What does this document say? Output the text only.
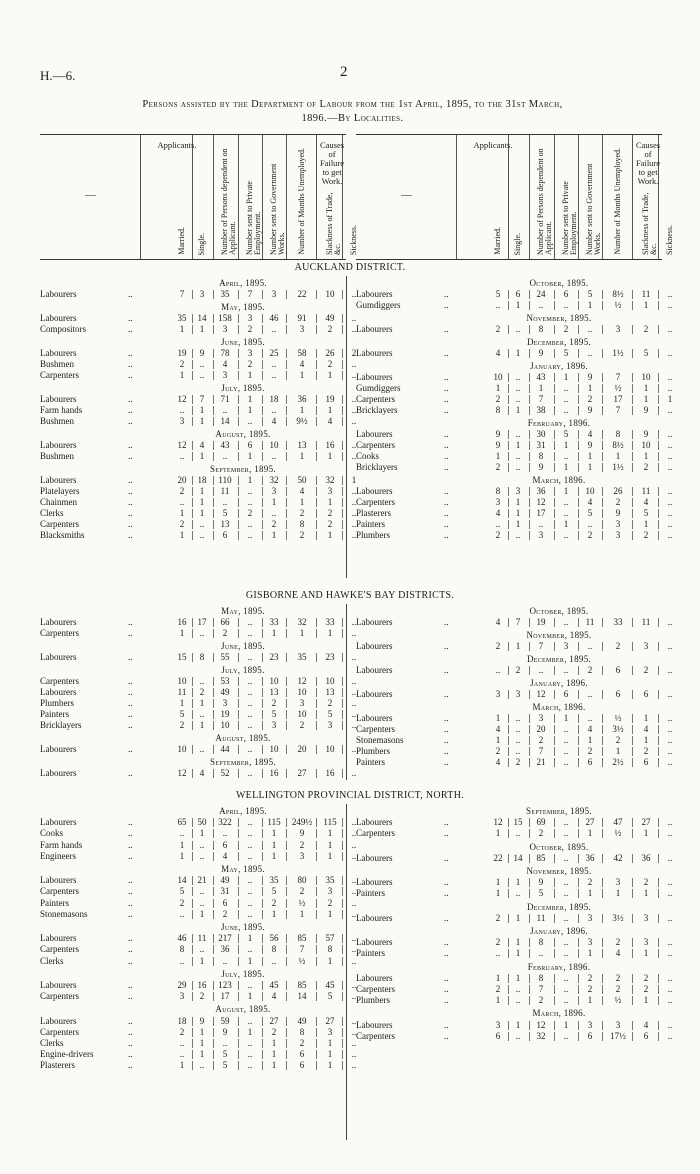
H.—6.	2
Persons assisted by the Department of Labour from the 1st April, 1895, to the 31st March,
1896.—By Localities.
—
Applicants.	Causes of Failure to get Work.
Married. Single. Number of Persons dependent on Applicant. Number sent to Private Employment. Number sent to Government Works. Number of Months Unemployed. Slackness of Trade, &c. Sickness.
—
Applicants.	Causes of Failure to get Work.
Married. Single. Number of Persons dependent on Applicant. Number sent to Private Employment. Number sent to Government Works. Number of Months Unemployed. Slackness of Trade, &c. Sickness.
AUCKLAND DISTRICT.
April, 1895.
Labourers	..	7	3	35	7	3	22	10	..
May, 1895.
Labourers	..	35	14	158	3	46	91	49	..
Compositors	..	1	1	3	2	..	3	2	..
June, 1895.
Labourers	..	19	9	78	3	25	58	26	2
Bushmen	..	2	..	4	2	..	4	2	..
Carpenters	..	1	..	3	1	..	1	1	..
July, 1895.
Labourers	..	12	7	71	1	18	36	19	..
Farm hands	..	..	1	..	1	..	1	1	..
Bushmen	..	3	1	14	..	4	9½	4	..
August, 1895.
Labourers	..	12	4	43	6	10	13	16	..
Bushmen	..	..	1	..	1	..	1	1	..
September, 1895.
Labourers	..	20	18	110	1	32	50	32	1
Platelayers	..	2	1	11	..	3	4	3	..
Chainmen	..	..	1	..	..	1	1	1	..
Clerks	..	1	1	5	2	..	2	2	..
Carpenters	..	2	..	13	..	2	8	2	..
Blacksmiths	..	1	..	6	..	1	2	1	..
October, 1895.
Labourers	..	5	6	24	6	5	8½	11	..
Gumdiggers	..	..	1	..	..	1	½	1	..
November, 1895.
Labourers	..	2	..	8	2	..	3	2	..
December, 1895.
Labourers	..	4	1	9	5	..	1½	5	..
January, 1896.
Labourers	..	10	..	43	1	9	7	10	..
Gumdiggers	..	1	..	1	..	1	½	1	..
Carpenters	..	2	..	7	..	2	17	1	1
Bricklayers	..	8	1	38	..	9	7	9	..
February, 1896.
Labourers	..	9	..	30	5	4	8	9	..
Carpenters	..	9	1	31	1	9	8½	10	..
Cooks	..	1	..	8	..	1	1	1	..
Bricklayers	..	2	..	9	1	1	1½	2	..
March, 1896.
Labourers	..	8	3	36	1	10	26	11	..
Carpenters	..	3	1	12	..	4	2	4	..
Plasterers	..	4	1	17	..	5	9	5	..
Painters	..	..	1	..	1	..	3	1	..
Plumbers	..	2	..	3	..	2	3	2	..
GISBORNE AND HAWKE'S BAY DISTRICTS.
May, 1895.
Labourers	..	16	17	66	..	33	32	33	..
Carpenters	..	1	..	2	..	1	1	1	..
June, 1895.
Labourers	..	15	8	55	..	23	35	23	..
July, 1895.
Carpenters	..	10	..	53	..	10	12	10	..
Labourers	..	11	2	49	..	13	10	13	..
Plumbers	..	1	1	3	..	2	3	2	..
Painters	..	5	..	19	..	5	10	5	..
Bricklayers	..	2	1	10	..	3	2	3	..
August, 1895.
Labourers	..	10	..	44	..	10	20	10	..
September, 1895.
Labourers	..	12	4	52	..	16	27	16	..
October, 1895.
Labourers	..	4	7	19	..	11	33	11	..
November, 1895.
Labourers	..	2	1	7	3	..	2	3	..
December, 1895.
Labourers	..	..	2	..	..	2	6	2	..
January, 1896.
Labourers	..	3	3	12	6	..	6	6	..
March, 1896.
Labourers	..	1	..	3	1	..	½	1	..
Carpenters	..	4	..	20	..	4	3½	4	..
Stonemasons	..	1	..	2	..	1	2	1	..
Plumbers	..	2	..	7	..	2	1	2	..
Painters	..	4	2	21	..	6	2½	6	..
WELLINGTON PROVINCIAL DISTRICT, NORTH.
April, 1895.
Labourers	..	65	50	322	..	115	249½	115	..
Cooks	..	..	1	..	..	1	9	1	..
Farm hands	..	1	..	6	..	1	2	1	..
Engineers	..	1	..	4	..	1	3	1	..
May, 1895.
Labourers	..	14	21	49	..	35	80	35	..
Carpenters	..	5	..	31	..	5	2	3	..
Painters	..	2	..	6	..	2	½	2	..
Stonemasons	..	..	1	2	..	1	1	1	..
June, 1895.
Labourers	..	46	11	217	1	56	85	57	..
Carpenters	..	8	..	36	..	8	7	8	..
Clerks	..	..	1	..	1	..	½	1	..
July, 1895.
Labourers	..	29	16	123	..	45	85	45	..
Carpenters	..	3	2	17	1	4	14	5	..
August, 1895.
Labourers	..	18	9	59	..	27	49	27	..
Carpenters	..	2	1	9	1	2	8	3	..
Clerks	..	..	1	..	..	1	2	1	..
Engine-drivers	..	..	1	5	..	1	6	1	..
Plasterers	..	1	..	5	..	1	6	1	..
September, 1895.
Labourers	..	12	15	69	..	27	47	27	..
Carpenters	..	1	..	2	..	1	½	1	..
October, 1895.
Labourers	..	22	14	85	..	36	42	36	..
November, 1895.
Labourers	..	1	1	9	..	2	3	2	..
Painters	..	1	..	5	..	1	1	1	..
December, 1895.
Labourers	..	2	1	11	..	3	3½	3	..
January, 1896.
Labourers	..	2	1	8	..	3	2	3	..
Painters	..	..	1	..	..	1	4	1	..
February, 1896.
Labourers	..	1	1	8	..	2	2	2	..
Carpenters	..	2	..	7	..	2	2	2	..
Plumbers	..	1	..	2	..	1	½	1	..
March, 1896.
Labourers	..	3	1	12	1	3	3	4	..
Carpenters	..	6	..	32	..	6	17½	6	..
